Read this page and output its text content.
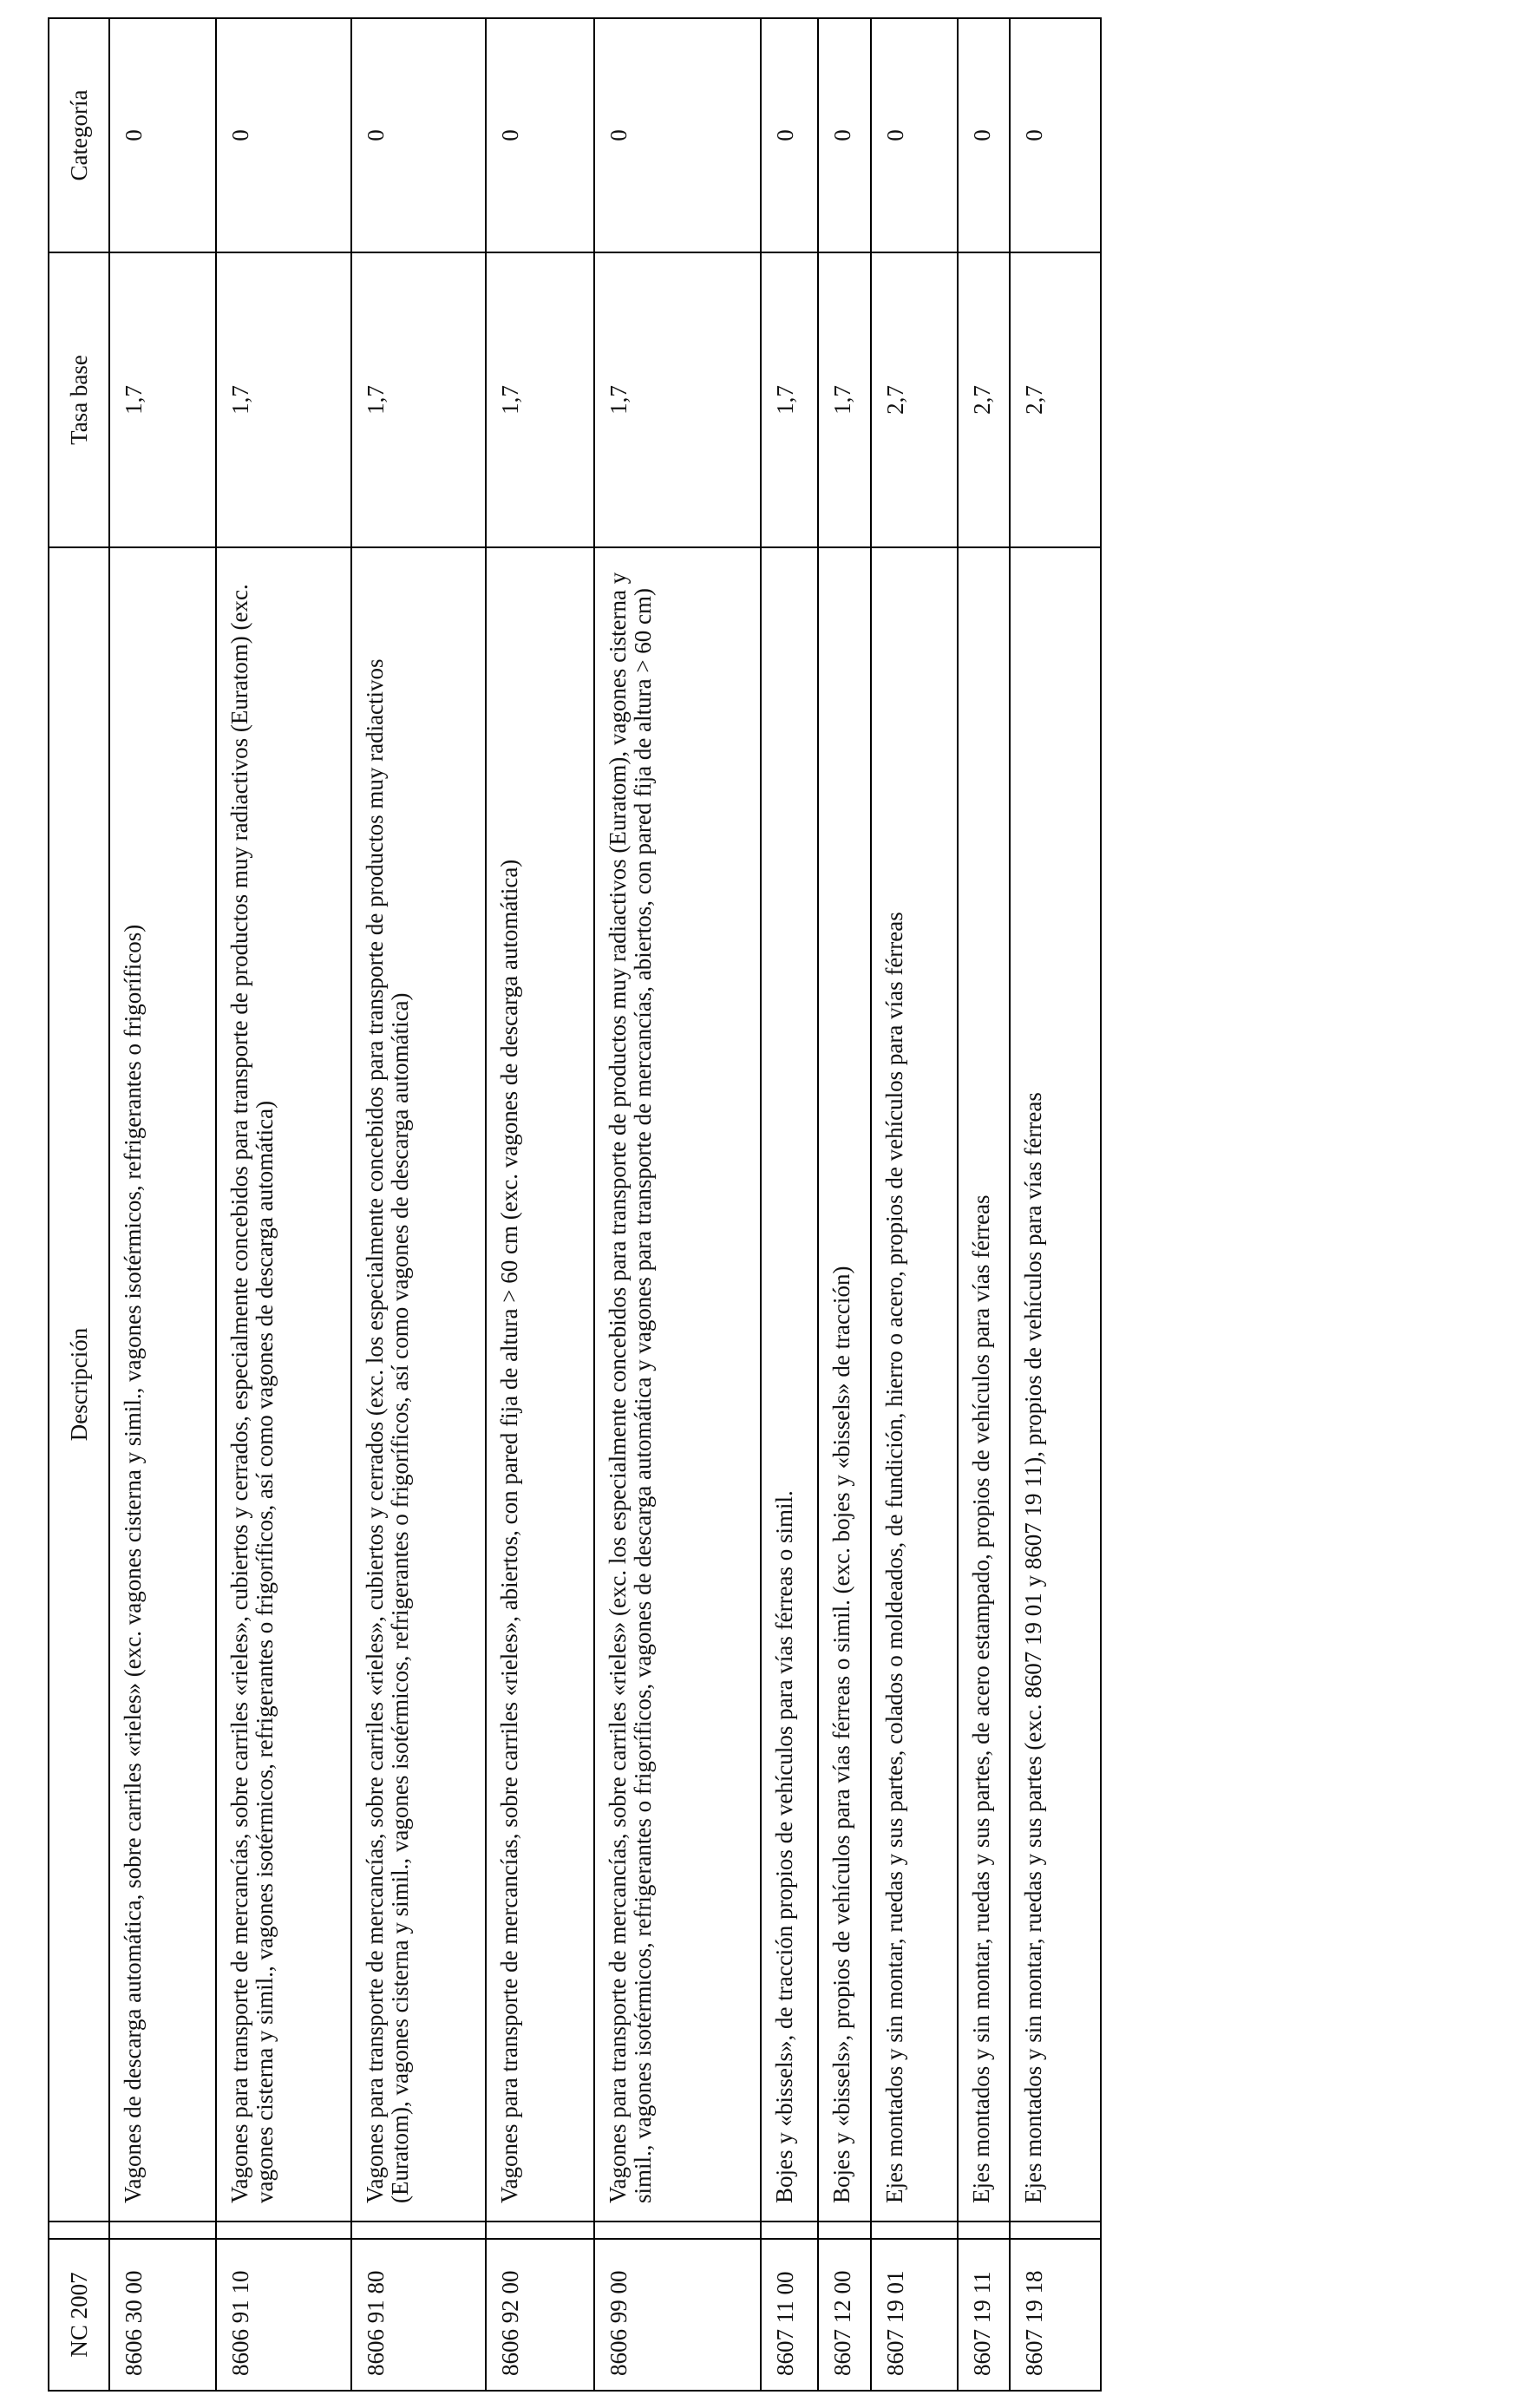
NC 2007		Descripción	Tasa base	Categoría
8606 30 00		Vagones de descarga automática, sobre carriles «rieles» (exc. vagones cisterna y simil., vagones isotérmicos, refrigerantes o frigoríficos)	1,7	0
8606 91 10		Vagones para transporte de mercancías, sobre carriles «rieles», cubiertos y cerrados, especialmente concebidos para transporte de productos muy radiactivos (Euratom) (exc. vagones cisterna y simil., vagones isotérmicos, refrigerantes o frigoríficos, así como vagones de descarga automática)	1,7	0
8606 91 80		Vagones para transporte de mercancías, sobre carriles «rieles», cubiertos y cerrados (exc. los especialmente concebidos para transporte de productos muy radiactivos (Euratom), vagones cisterna y simil., vagones isotérmicos, refrigerantes o frigoríficos, así como vagones de descarga automática)	1,7	0
8606 92 00		Vagones para transporte de mercancías, sobre carriles «rieles», abiertos, con pared fija de altura > 60 cm (exc. vagones de descarga automática)	1,7	0
8606 99 00		Vagones para transporte de mercancías, sobre carriles «rieles» (exc. los especialmente concebidos para transporte de productos muy radiactivos (Euratom), vagones cisterna y simil., vagones isotérmicos, refrigerantes o frigoríficos, vagones de descarga automática y vagones para transporte de mercancías, abiertos, con pared fija de altura > 60 cm)	1,7	0
8607 11 00		Bojes y «bissels», de tracción propios de vehículos para vías férreas o simil.	1,7	0
8607 12 00		Bojes y «bissels», propios de vehículos para vías férreas o simil. (exc. bojes y «bissels» de tracción)	1,7	0
8607 19 01		Ejes montados y sin montar, ruedas y sus partes, colados o moldeados, de fundición, hierro o acero, propios de vehículos para vías férreas	2,7	0
8607 19 11		Ejes montados y sin montar, ruedas y sus partes, de acero estampado, propios de vehículos para vías férreas	2,7	0
8607 19 18		Ejes montados y sin montar, ruedas y sus partes (exc. 8607 19 01 y 8607 19 11), propios de vehículos para vías férreas	2,7	0
